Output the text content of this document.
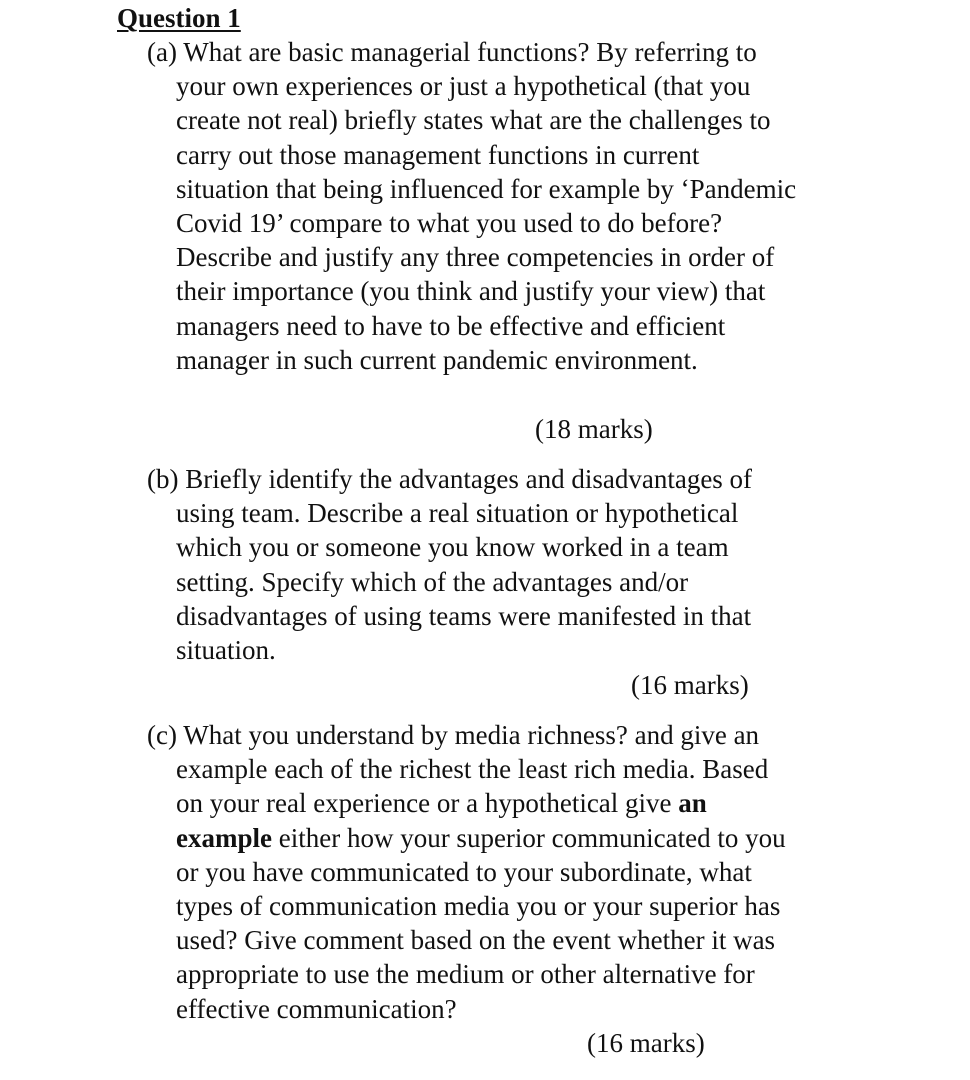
Question 1
(a) What are basic managerial functions? By referring to
your own experiences or just a hypothetical (that you
create not real) briefly states what are the challenges to
carry out those management functions in current
situation that being influenced for example by ‘Pandemic
Covid 19’ compare to what you used to do before?
Describe and justify any three competencies in order of
their importance (you think and justify your view) that
managers need to have to be effective and efficient
manager in such current pandemic environment.

(18 marks)

(b) Briefly identify the advantages and disadvantages of
using team. Describe a real situation or hypothetical
which you or someone you know worked in a team
setting. Specify which of the advantages and/or
disadvantages of using teams were manifested in that
situation.

(16 marks)

(c) What you understand by media richness? and give an
example each of the richest the least rich media. Based
on your real experience or a hypothetical give an
example either how your superior communicated to you
or you have communicated to your subordinate, what
types of communication media you or your superior has
used? Give comment based on the event whether it was
appropriate to use the medium or other alternative for
effective communication?

(16 marks)
